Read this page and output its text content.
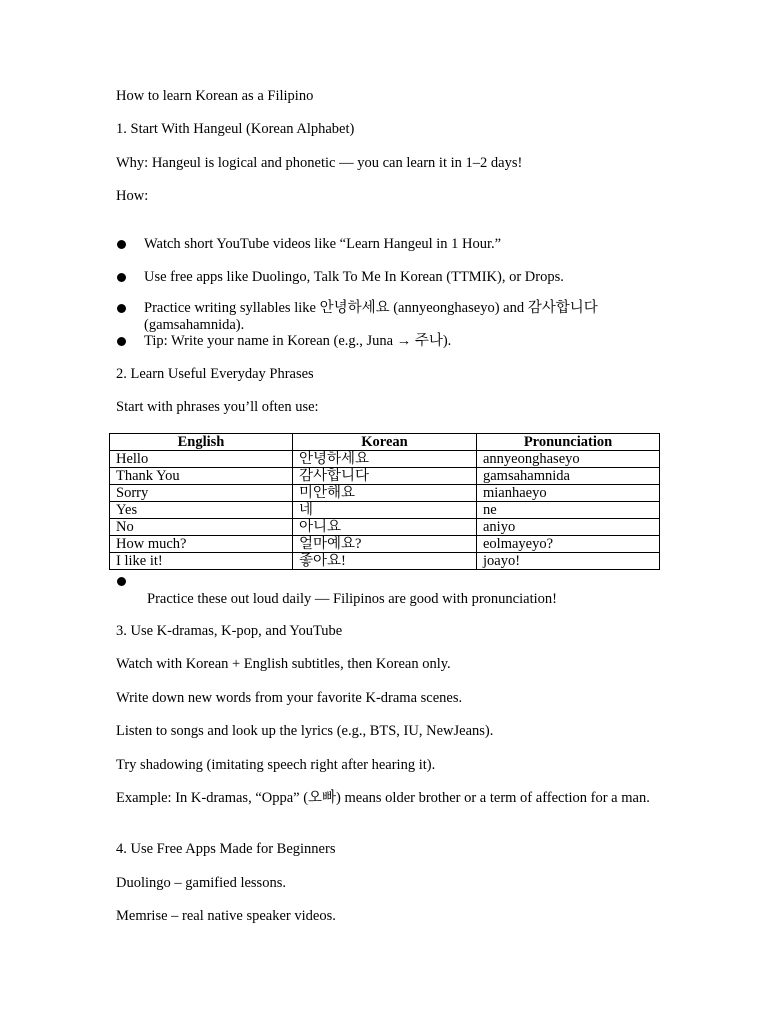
How to learn Korean as a Filipino

1. Start With Hangeul (Korean Alphabet)

Why: Hangeul is logical and phonetic — you can learn it in 1–2 days!

How:

Watch short YouTube videos like “Learn Hangeul in 1 Hour.”
Use free apps like Duolingo, Talk To Me In Korean (TTMIK), or Drops.
Practice writing syllables like 안녕하세요 (annyeonghaseyo) and 감사합니다
(gamsahamnida).
Tip: Write your name in Korean (e.g., Juna → 주나).

2. Learn Useful Everyday Phrases

Start with phrases you’ll often use:

English	Korean	Pronunciation
Hello	안녕하세요	annyeonghaseyo
Thank You	감사합니다	gamsahamnida
Sorry	미안해요	mianhaeyo
Yes	네	ne
No	아니요	aniyo
How much?	얼마예요?	eolmayeyo?
I like it!	좋아요!	joayo!

Practice these out loud daily — Filipinos are good with pronunciation!

3. Use K-dramas, K-pop, and YouTube

Watch with Korean + English subtitles, then Korean only.

Write down new words from your favorite K-drama scenes.

Listen to songs and look up the lyrics (e.g., BTS, IU, NewJeans).

Try shadowing (imitating speech right after hearing it).

Example: In K-dramas, “Oppa” (오빠) means older brother or a term of affection for a man.

4. Use Free Apps Made for Beginners

Duolingo – gamified lessons.

Memrise – real native speaker videos.
